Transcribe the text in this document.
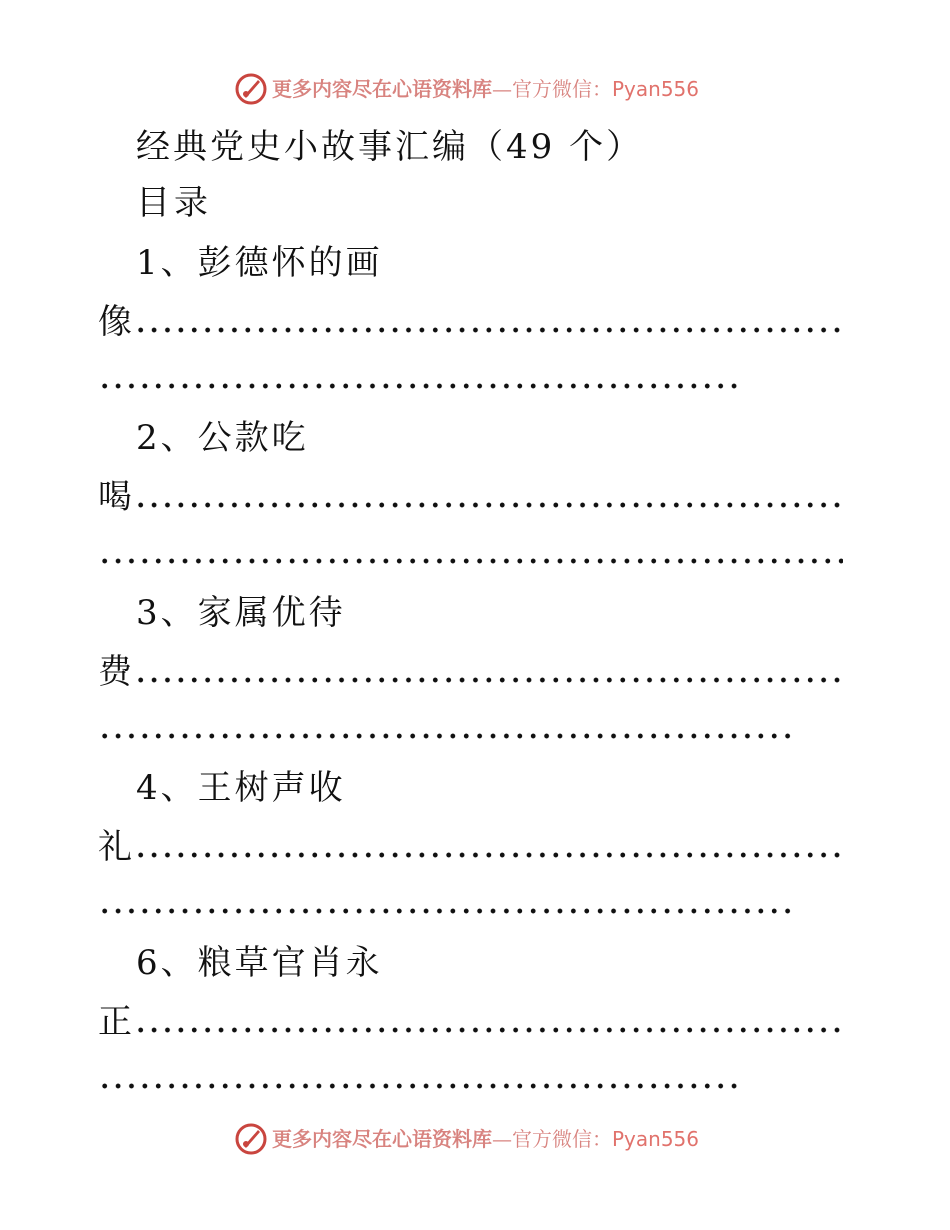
更多内容尽在心语资料库—官方微信：Pyan556
经典党史小故事汇编（49 个）
目录
1、彭德怀的画
像
2、公款吃
喝
3、家属优待
费
4、王树声收
礼
6、粮草官肖永
正
更多内容尽在心语资料库—官方微信：Pyan556
